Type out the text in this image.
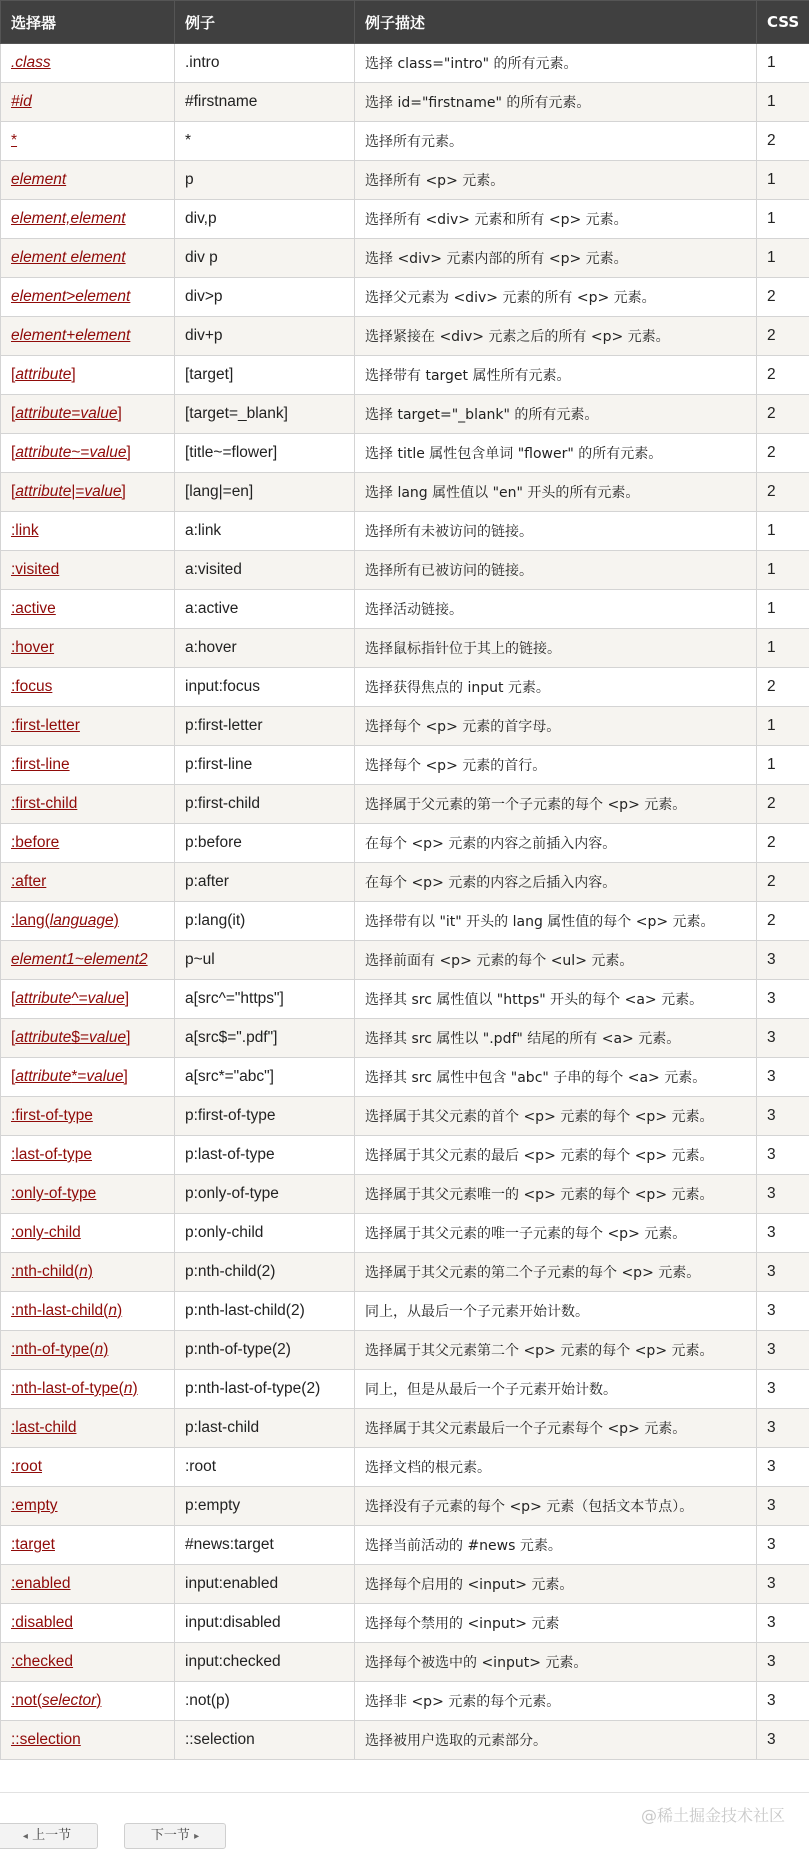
选择器	例子	例子描述	CSS
.class	.intro	选择 class="intro" 的所有元素。	1
#id	#firstname	选择 id="firstname" 的所有元素。	1
*	*	选择所有元素。	2
element	p	选择所有 <p> 元素。	1
element,element	div,p	选择所有 <div> 元素和所有 <p> 元素。	1
element element	div p	选择 <div> 元素内部的所有 <p> 元素。	1
element>element	div>p	选择父元素为 <div> 元素的所有 <p> 元素。	2
element+element	div+p	选择紧接在 <div> 元素之后的所有 <p> 元素。	2
[attribute]	[target]	选择带有 target 属性所有元素。	2
[attribute=value]	[target=_blank]	选择 target="_blank" 的所有元素。	2
[attribute~=value]	[title~=flower]	选择 title 属性包含单词 "flower" 的所有元素。	2
[attribute|=value]	[lang|=en]	选择 lang 属性值以 "en" 开头的所有元素。	2
:link	a:link	选择所有未被访问的链接。	1
:visited	a:visited	选择所有已被访问的链接。	1
:active	a:active	选择活动链接。	1
:hover	a:hover	选择鼠标指针位于其上的链接。	1
:focus	input:focus	选择获得焦点的 input 元素。	2
:first-letter	p:first-letter	选择每个 <p> 元素的首字母。	1
:first-line	p:first-line	选择每个 <p> 元素的首行。	1
:first-child	p:first-child	选择属于父元素的第一个子元素的每个 <p> 元素。	2
:before	p:before	在每个 <p> 元素的内容之前插入内容。	2
:after	p:after	在每个 <p> 元素的内容之后插入内容。	2
:lang(language)	p:lang(it)	选择带有以 "it" 开头的 lang 属性值的每个 <p> 元素。	2
element1~element2	p~ul	选择前面有 <p> 元素的每个 <ul> 元素。	3
[attribute^=value]	a[src^="https"]	选择其 src 属性值以 "https" 开头的每个 <a> 元素。	3
[attribute$=value]	a[src$=".pdf"]	选择其 src 属性以 ".pdf" 结尾的所有 <a> 元素。	3
[attribute*=value]	a[src*="abc"]	选择其 src 属性中包含 "abc" 子串的每个 <a> 元素。	3
:first-of-type	p:first-of-type	选择属于其父元素的首个 <p> 元素的每个 <p> 元素。	3
:last-of-type	p:last-of-type	选择属于其父元素的最后 <p> 元素的每个 <p> 元素。	3
:only-of-type	p:only-of-type	选择属于其父元素唯一的 <p> 元素的每个 <p> 元素。	3
:only-child	p:only-child	选择属于其父元素的唯一子元素的每个 <p> 元素。	3
:nth-child(n)	p:nth-child(2)	选择属于其父元素的第二个子元素的每个 <p> 元素。	3
:nth-last-child(n)	p:nth-last-child(2)	同上，从最后一个子元素开始计数。	3
:nth-of-type(n)	p:nth-of-type(2)	选择属于其父元素第二个 <p> 元素的每个 <p> 元素。	3
:nth-last-of-type(n)	p:nth-last-of-type(2)	同上，但是从最后一个子元素开始计数。	3
:last-child	p:last-child	选择属于其父元素最后一个子元素每个 <p> 元素。	3
:root	:root	选择文档的根元素。	3
:empty	p:empty	选择没有子元素的每个 <p> 元素（包括文本节点）。	3
:target	#news:target	选择当前活动的 #news 元素。	3
:enabled	input:enabled	选择每个启用的 <input> 元素。	3
:disabled	input:disabled	选择每个禁用的 <input> 元素	3
:checked	input:checked	选择每个被选中的 <input> 元素。	3
:not(selector)	:not(p)	选择非 <p> 元素的每个元素。	3
::selection	::selection	选择被用户选取的元素部分。	3
◂ 上一节	下一节 ▸
@稀土掘金技术社区
